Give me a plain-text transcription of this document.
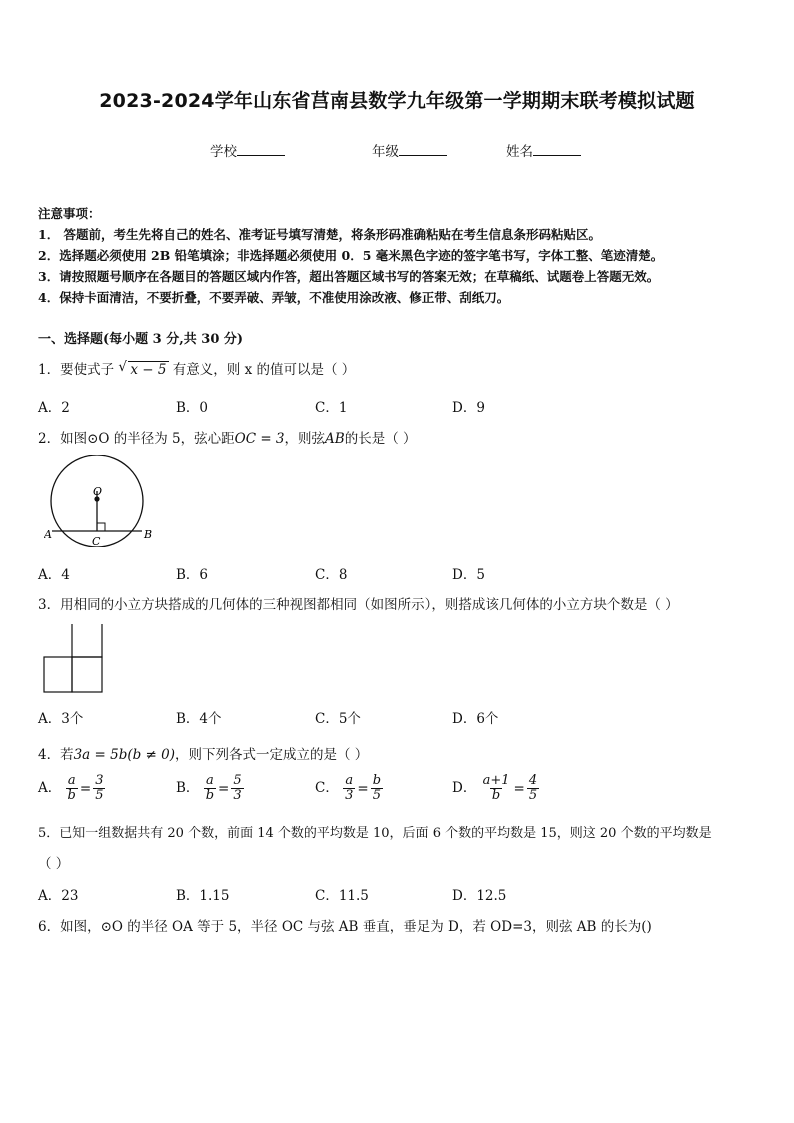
2023-2024学年山东省莒南县数学九年级第一学期期末联考模拟试题
学校	年级	姓名
注意事项：
1． 答题前，考生先将自己的姓名、准考证号填写清楚，将条形码准确粘贴在考生信息条形码粘贴区。
2．选择题必须使用 2B 铅笔填涂；非选择题必须使用 0．5 毫米黑色字迹的签字笔书写，字体工整、笔迹清楚。
3．请按照题号顺序在各题目的答题区域内作答，超出答题区域书写的答案无效；在草稿纸、试题卷上答题无效。
4．保持卡面清洁，不要折叠，不要弄破、弄皱，不准使用涂改液、修正带、刮纸刀。
一、选择题(每小题 3 分,共 30 分)
1．要使式子 √ x − 5 有意义，则 x 的值可以是（ ）
A．2	B．0	C．1	D．9
2．如图⊙O 的半径为 5，弦心距OC = 3，则弦AB的长是（ ）
O
C
A	B
A．4	B．6	C．8	D．5
3．用相同的小立方块搭成的几何体的三种视图都相同（如图所示），则搭成该几何体的小立方块个数是（ ）
A．3个	B．4个	C．5个	D．6个
4．若3a = 5b(b ≠ 0)，则下列各式一定成立的是（ ）
A． $\frac{a}{b} = \frac{3}{5}$	B． $\frac{a}{b} = \frac{5}{3}$	C． $\frac{a}{3} = \frac{b}{5}$	D． $\frac{a+1}{b} = \frac{4}{5}$
5．已知一组数据共有 20 个数，前面 14 个数的平均数是 10，后面 6 个数的平均数是 15，则这 20 个数的平均数是
（ ）
A．23	B．1.15	C．11.5	D．12.5
6．如图，⊙O 的半径 OA 等于 5，半径 OC 与弦 AB 垂直，垂足为 D，若 OD=3，则弦 AB 的长为()
